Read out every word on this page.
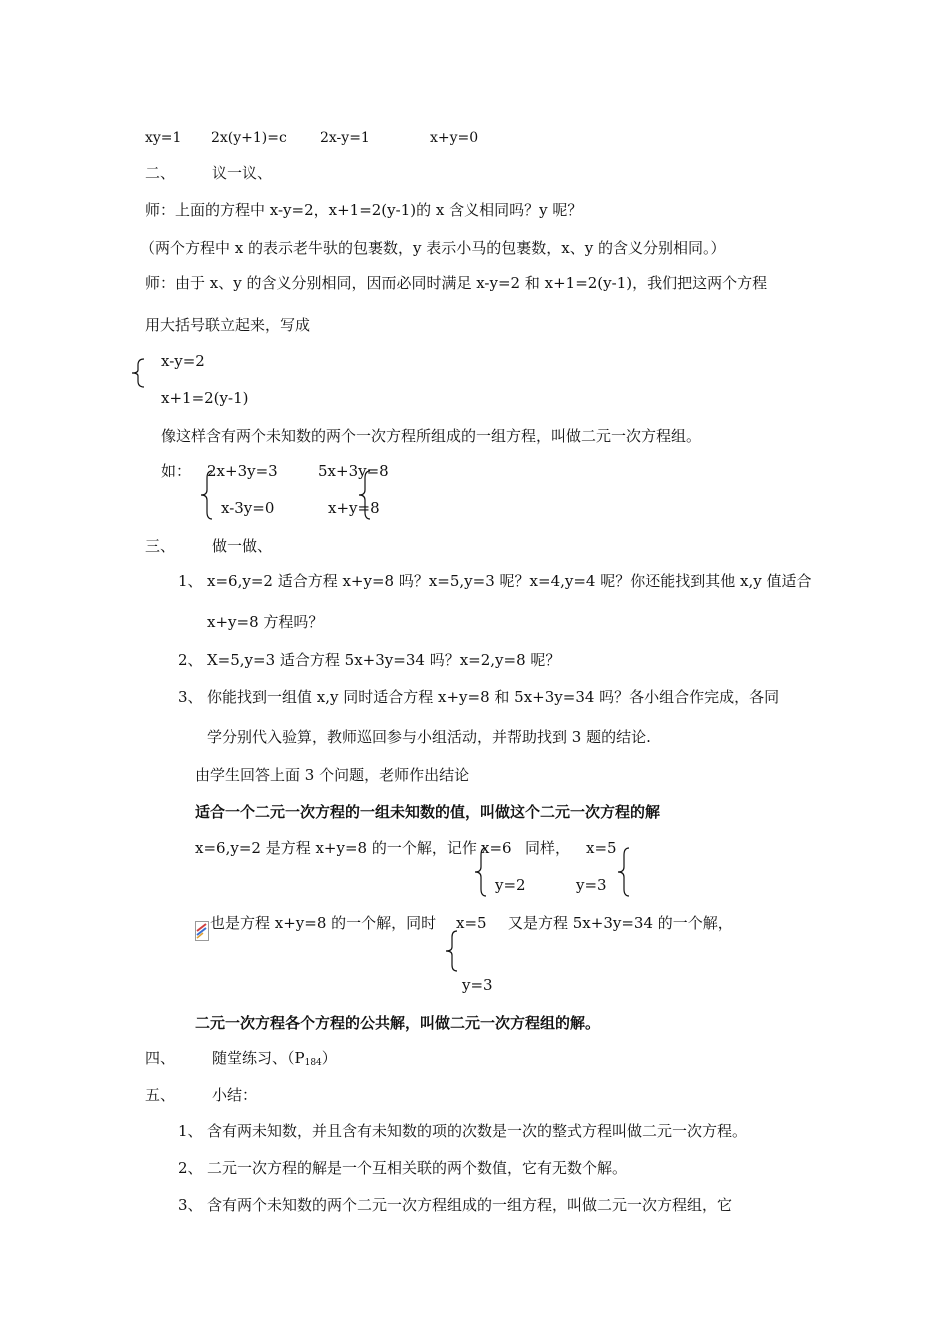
xy=1 2x(y+1)=c 2x-y=1	x+y=0
二、 议一议、
师：上面的方程中 x-y=2，x+1=2(y-1)的 x 含义相同吗？y 呢？
（两个方程中 x 的表示老牛驮的包裹数，y 表示小马的包裹数，x、y 的含义分别相同。）
师：由于 x、y 的含义分别相同，因而必同时满足 x-y=2 和 x+1=2(y-1)，我们把这两个方程
用大括号联立起来，写成
x-y=2
x+1=2(y-1)
像这样含有两个未知数的两个一次方程所组成的一组方程，叫做二元一次方程组。
如： 2x+3y=3
x-3y=0
5x+3y=8
x+y=8
三、 做一做、
1、 x=6,y=2 适合方程 x+y=8 吗？x=5,y=3 呢？x=4,y=4 呢？你还能找到其他 x,y 值适合
x+y=8 方程吗？
2、 X=5,y=3 适合方程 5x+3y=34 吗？x=2,y=8 呢？
3、 你能找到一组值 x,y 同时适合方程 x+y=8 和 5x+3y=34 吗？各小组合作完成，各同
学分别代入验算，教师巡回参与小组活动，并帮助找到 3 题的结论.
由学生回答上面 3 个问题，老师作出结论
适合一个二元一次方程的一组未知数的值，叫做这个二元一次方程的解
x=6,y=2 是方程 x+y=8 的一个解，记作 x=6
y=2
同样， x=5
y=3
也是方程 x+y=8 的一个解，同时 x=5
y=3
又是方程 5x+3y=34 的一个解，
二元一次方程各个方程的公共解，叫做二元一次方程组的解。
四、 随堂练习、$(P_{184})$
五、 小结：
1、 含有两未知数，并且含有未知数的项的次数是一次的整式方程叫做二元一次方程。
2、 二元一次方程的解是一个互相关联的两个数值，它有无数个解。
3、 含有两个未知数的两个二元一次方程组成的一组方程，叫做二元一次方程组，它
